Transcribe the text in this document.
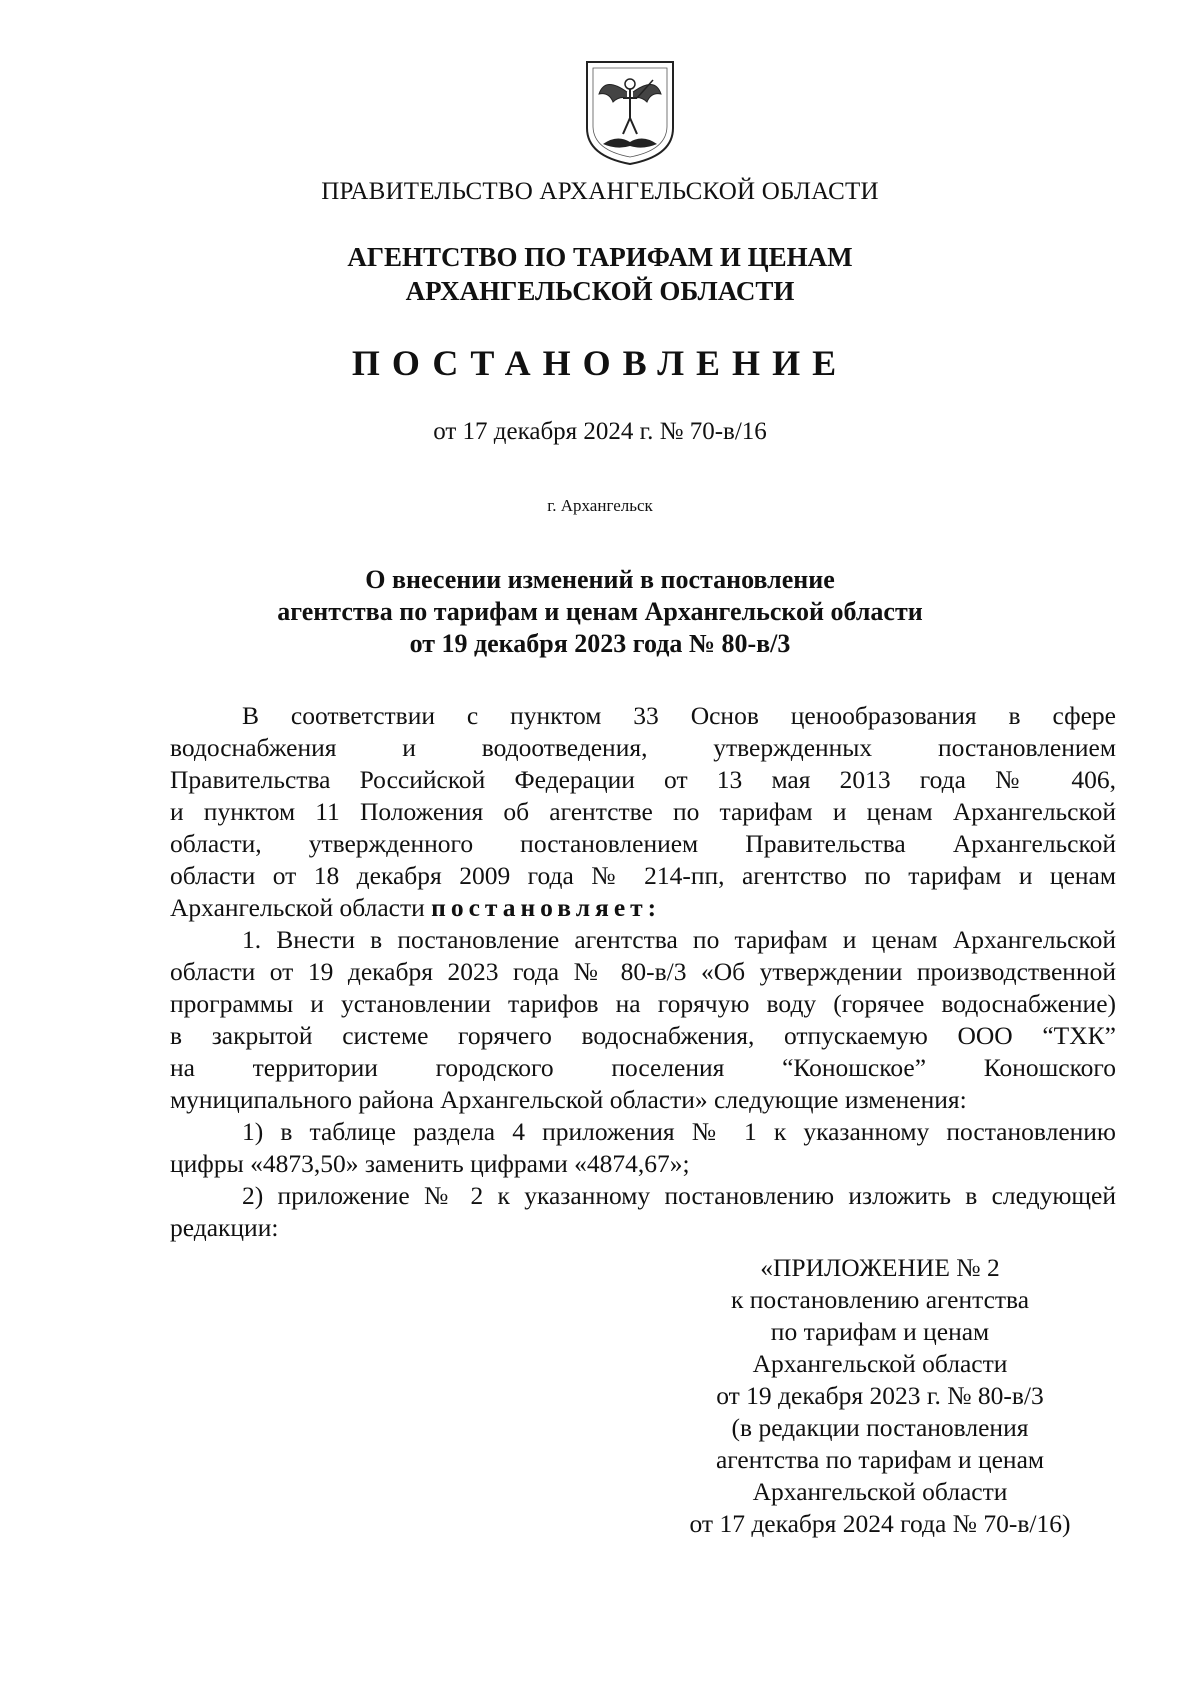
ПРАВИТЕЛЬСТВО АРХАНГЕЛЬСКОЙ ОБЛАСТИ
АГЕНТСТВО ПО ТАРИФАМ И ЦЕНАМ
АРХАНГЕЛЬСКОЙ ОБЛАСТИ
ПОСТАНОВЛЕНИЕ
от 17 декабря 2024 г. № 70-в/16
г. Архангельск
О внесении изменений в постановление
агентства по тарифам и ценам Архангельской области
от 19 декабря 2023 года № 80-в/3
В соответствии с пунктом 33 Основ ценообразования в сфере
водоснабжения и водоотведения, утвержденных постановлением
Правительства Российской Федерации от 13 мая 2013 года № 406,
и пунктом 11 Положения об агентстве по тарифам и ценам Архангельской
области, утвержденного постановлением Правительства Архангельской
области от 18 декабря 2009 года № 214-пп, агентство по тарифам и ценам
Архангельской области постановляет:
1. Внести в постановление агентства по тарифам и ценам Архангельской
области от 19 декабря 2023 года № 80-в/3 «Об утверждении производственной
программы и установлении тарифов на горячую воду (горячее водоснабжение)
в закрытой системе горячего водоснабжения, отпускаемую ООО “ТХК”
на территории городского поселения “Коношское” Коношского
муниципального района Архангельской области» следующие изменения:
1) в таблице раздела 4 приложения № 1 к указанному постановлению
цифры «4873,50» заменить цифрами «4874,67»;
2) приложение № 2 к указанному постановлению изложить в следующей
редакции:
«ПРИЛОЖЕНИЕ № 2
к постановлению агентства
по тарифам и ценам
Архангельской области
от 19 декабря 2023 г. № 80-в/3
(в редакции постановления
агентства по тарифам и ценам
Архангельской области
от 17 декабря 2024 года № 70-в/16)
